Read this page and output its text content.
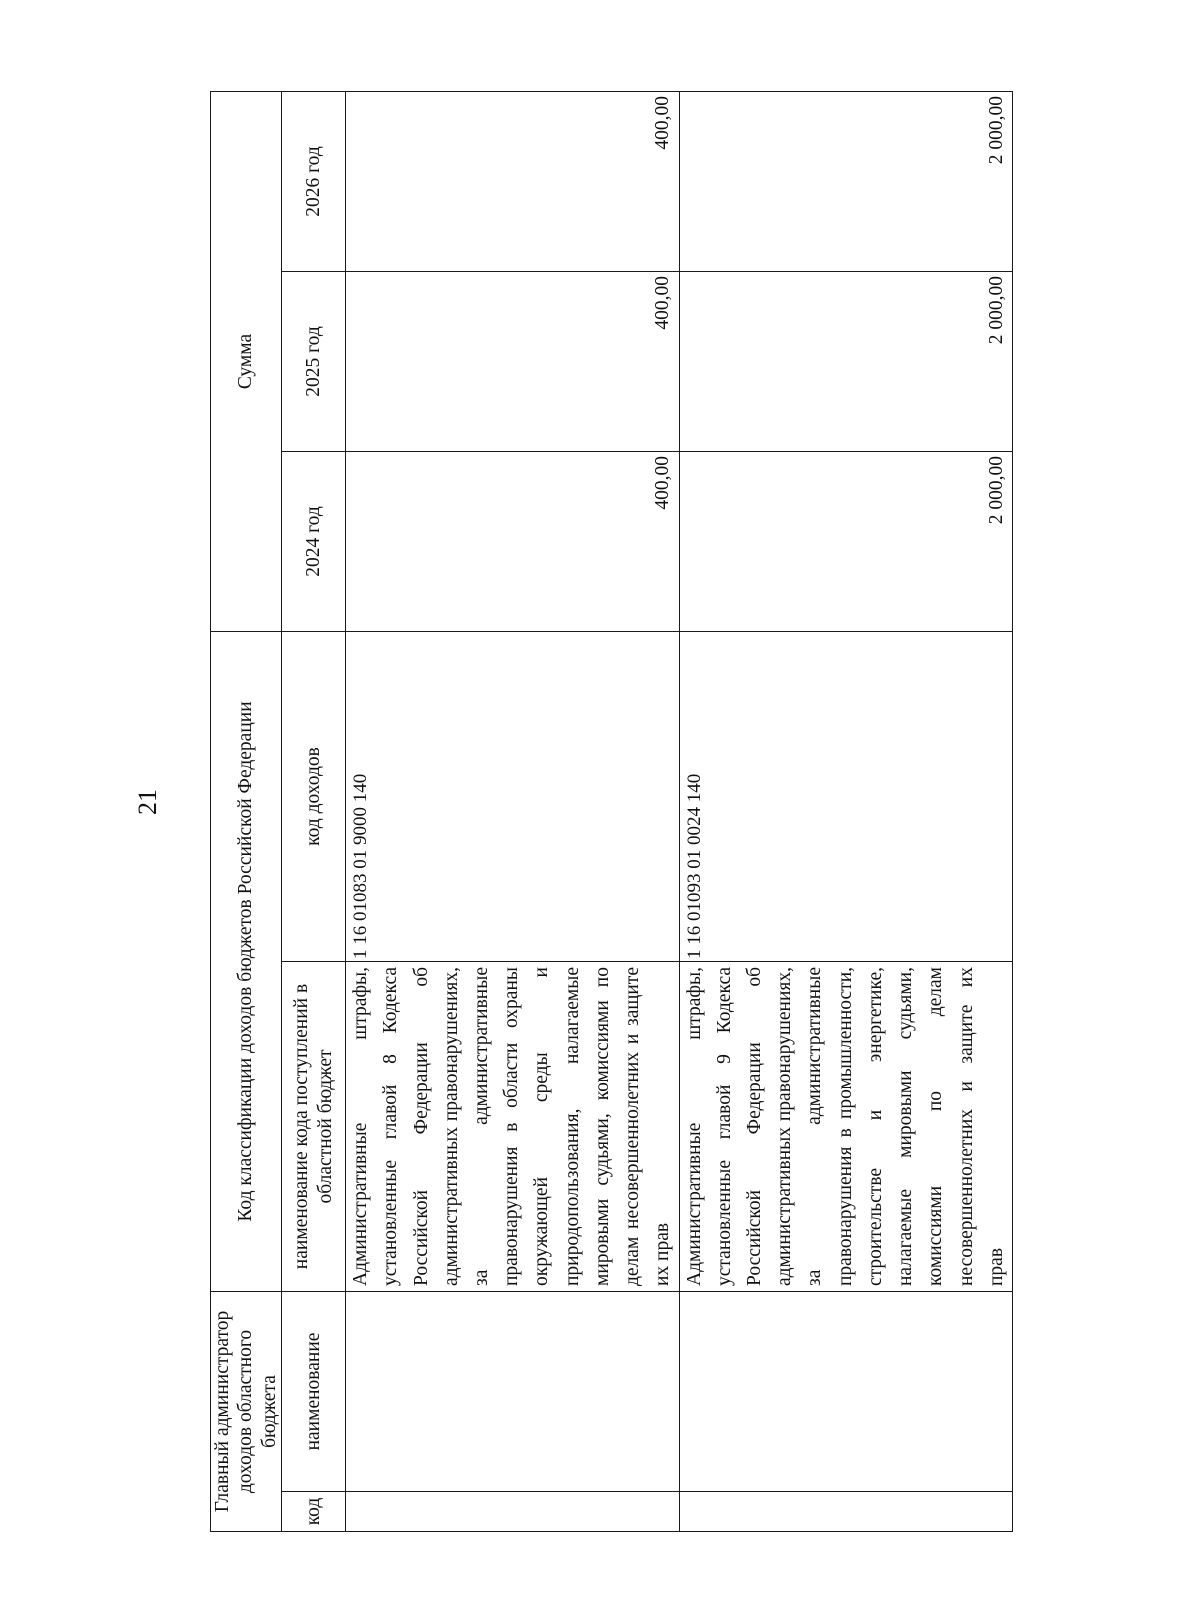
21
Главный администратор доходов областного бюджета		Код классификации доходов бюджетов Российской Федерации		Сумма		
код	наименование	наименование кода поступлений в областной бюджет	код доходов	2024 год	2025 год	2026 год
		Административные штрафы, установленные главой 8 Кодекса Российской Федерации об административных правонарушениях, за административные правонарушения в области охраны окружающей среды и природопользования, налагаемые мировыми судьями, комиссиями по делам несовершеннолетних и защите их прав	1 16 01083 01 9000 140	400,00	400,00	400,00
		Административные штрафы, установленные главой 9 Кодекса Российской Федерации об административных правонарушениях, за административные правонарушения в промышленности, строительстве и энергетике, налагаемые мировыми судьями, комиссиями по делам несовершеннолетних и защите их прав	1 16 01093 01 0024 140	2 000,00	2 000,00	2 000,00
